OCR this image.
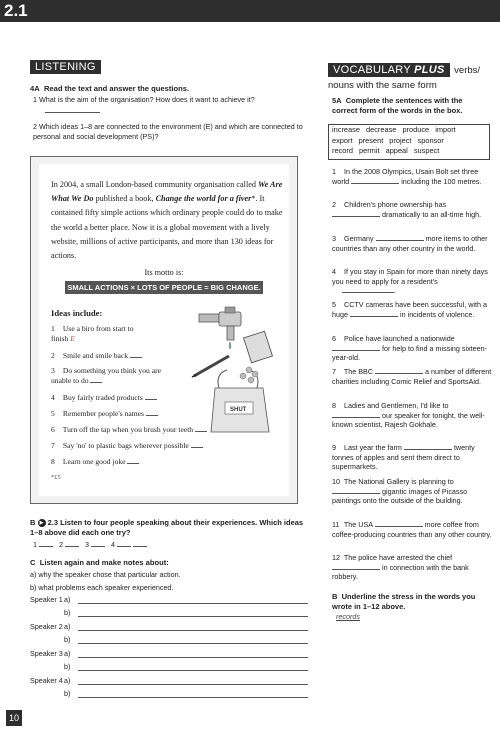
2.1
LISTENING
4A Read the text and answer the questions.
1 What is the aim of the organisation? How does it want to achieve it?
2 Which ideas 1–8 are connected to the environment (E) and which are connected to personal and social development (PS)?
In 2004, a small London-based community organisation called We Are What We Do published a book, Change the world for a fiver*. It contained fifty simple actions which ordinary people could do to make the world a better place. Now it is a global movement with a lively website, millions of active participants, and more than 130 ideas for actions.
Its motto is:
SMALL ACTIONS × LOTS OF PEOPLE = BIG CHANGE.
Ideas include:
1 Use a biro from start to finish E
2 Smile and smile back
3 Do something you think you are unable to do
4 Buy fairly traded products
5 Remember people's names
6 Turn off the tap when you brush your teeth
7 Say 'no' to plastic bags wherever possible
8 Learn one good joke
*£5
SHUT
B ▶ 2.3 Listen to four people speaking about their experiences. Which ideas 1–8 above did each one try?
1	2	3	4
C Listen again and make notes about:
a) why the speaker chose that particular action.
b) what problems each speaker experienced.
Speaker 1 a)
b)
Speaker 2 a)
b)
Speaker 3 a)
b)
Speaker 4 a)
b)
VOCABULARY PLUS verbs/
nouns with the same form
5A Complete the sentences with the correct form of the words in the box.
increase decrease produce import
export present project sponsor
record permit appeal suspect
1 In the 2008 Olympics, Usain Bolt set three world	including the 100 metres.
2 Children's phone ownership has  dramatically to an all-time high.
3 Germany	more items to other countries than any other country in the world.
4 If you stay in Spain for more than ninety days you need to apply for a resident's
.
5 CCTV cameras have been successful, with a huge	in incidents of violence.
6 Police have launched a nationwide  for help to find a missing sixteen-year-old.
7 The BBC	a number of different charities including Comic Relief and SportsAid.
8 Ladies and Gentlemen, I'd like to  our speaker for tonight, the well-known scientist, Rajesh Gokhale.
9 Last year the farm	twenty tonnes of apples and sent them direct to supermarkets.
10 The National Gallery is planning to  gigantic images of Picasso paintings onto the outside of the building.
11 The USA	more coffee from coffee-producing countries than any other country.
12 The police have arrested the chief  in connection with the bank robbery.
B Underline the stress in the words you wrote in 1–12 above.
records
10
